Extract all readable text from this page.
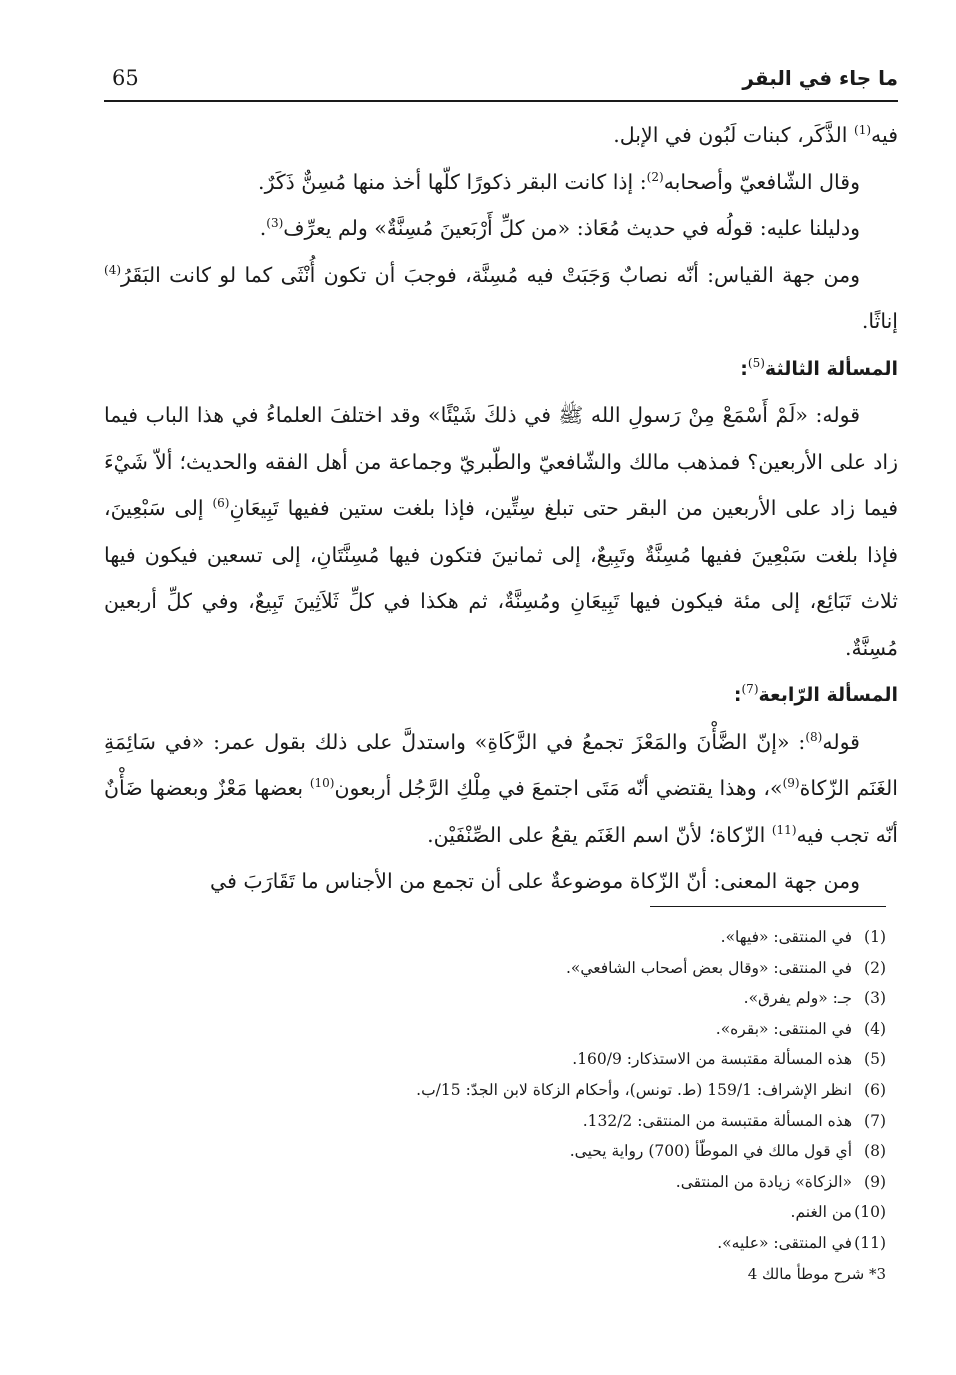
ما جاء في البقر
65

فيه$^{(1)}$ الذَّكَر، كبنات لَبُون في الإبل.

وقال الشّافعيّ وأصحابه$^{(2)}$: إذا كانت البقر ذكورًا كلّها أخذ منها مُسِنٌّ ذَكَرٌ.

ودليلنا عليه: قولُه في حديث مُعَاذ: «من كلِّ أَرْبَعينَ مُسِنَّةٌ» ولم يعرِّف$^{(3)}$.

ومن جهة القياس: أنّه نصابٌ وَجَبَتْ فيه مُسِنَّة، فوجبَ أن تكون أُنْثَى كما لو كانت البَقَرُ$^{(4)}$ إناثًا.

المسألة الثالثة$^{(5)}$:

قوله: «لَمْ أَسْمَعْ مِنْ رَسولِ الله ﷺ في ذلكَ شَيْئًا» وقد اختلفَ العلماءُ في هذا الباب فيما زاد على الأربعين؟ فمذهب مالك والشّافعيّ والطّبريّ وجماعة من أهل الفقه والحديث؛ ألاّ شَيْءَ فيما زاد على الأربعين من البقر حتى تبلغ سِتِّين، فإذا بلغت ستين ففيها تَبِيعَانِ$^{(6)}$ إلى سَبْعِينَ، فإذا بلغت سَبْعِينَ ففيها مُسِنَّةٌ وتَبِيعٌ، إلى ثمانينَ فتكون فيها مُسِنَّتَانِ، إلى تسعين فيكون فيها ثلاث تَبَائِع، إلى مئة فيكون فيها تَبِيعَانِ ومُسِنَّةٌ، ثم هكذا في كلِّ ثَلاَثِينَ تَبِيعٌ، وفي كلِّ أربعين مُسِنَّةٌ.

المسألة الرّابعة$^{(7)}$:

قوله$^{(8)}$: «إنّ الضَّأْنَ والمَعْزَ تجمعُ في الزَّكَاةِ» واستدلَّ على ذلك بقول عمر: «في سَائِمَةِ الغَنَم الزّكاة$^{(9)}$»، وهذا يقتضي أنّه مَتَى اجتمعَ في مِلْكِ الرَّجُل أربعون$^{(10)}$ بعضها مَعْزٌ وبعضها ضَأْنٌ أنّه تجب فيه$^{(11)}$ الزّكاة؛ لأنّ اسم الغَنَم يقعُ على الصِّنْفَيْن.

ومن جهة المعنى: أنّ الزّكاة موضوعةٌ على أن تجمع من الأجناس ما تَقَارَبَ في

(1)في المنتقى: «فيها».
(2)في المنتقى: «وقال بعض أصحاب الشافعي».
(3)جـ: «ولم يفرق».
(4)في المنتقى: «بقره».
(5)هذه المسألة مقتبسة من الاستذكار: 160/9.
(6)انظر الإشراف: 159/1 (ط. تونس)، وأحكام الزكاة لابن الجدّ: 15/ب.
(7)هذه المسألة مقتبسة من المنتقى: 132/2.
(8)أي قول مالك في الموطّأ (700) رواية يحيى.
(9)«الزكاة» زيادة من المنتقى.
(10)من الغنم.
(11)في المنتقى: «عليه».
3* شرح موطأ مالك 4
